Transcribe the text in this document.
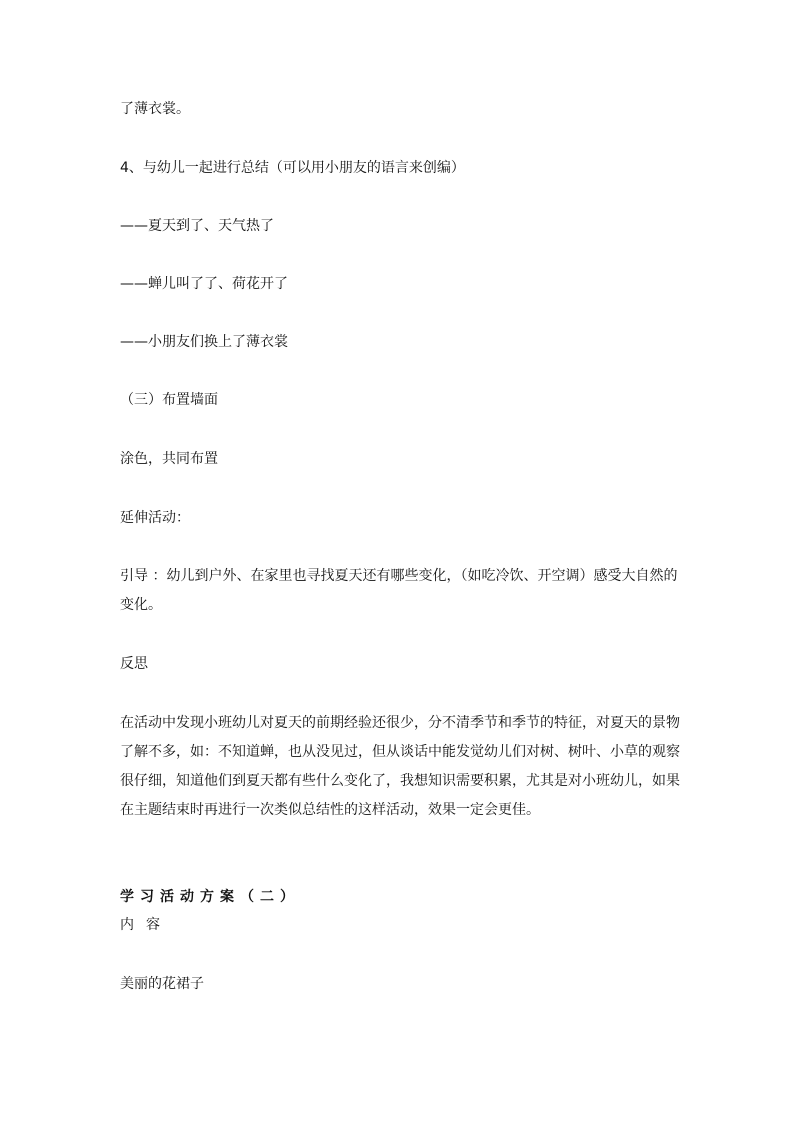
了薄衣裳。

4、与幼儿一起进行总结（可以用小朋友的语言来创编）

——夏天到了、天气热了

——蝉儿叫了了、荷花开了

——小朋友们换上了薄衣裳

（三）布置墙面

涂色，共同布置

延伸活动：

引导 ：幼儿到户外、在家里也寻找夏天还有哪些变化，（如吃冷饮、开空调）感受大自然的变化。

反思

在活动中发现小班幼儿对夏天的前期经验还很少，分不清季节和季节的特征，对夏天的景物了解不多，如：不知道蝉，也从没见过，但从谈话中能发觉幼儿们对树、树叶、小草的观察很仔细，知道他们到夏天都有些什么变化了，我想知识需要积累，尤其是对小班幼儿，如果在主题结束时再进行一次类似总结性的这样活动，效果一定会更佳。

学习活动方案（二）

内容

美丽的花裙子
